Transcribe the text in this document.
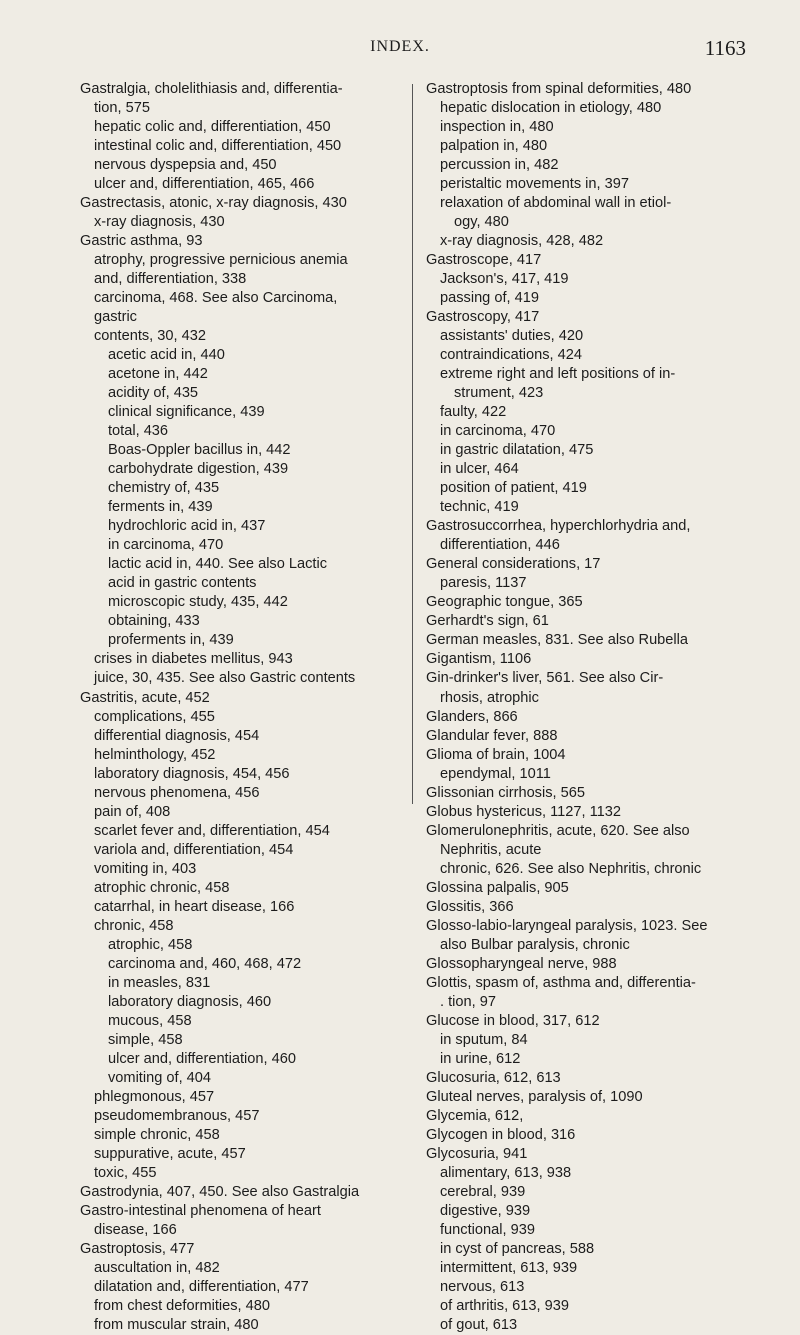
INDEX.	1163
Gastralgia, cholelithiasis and, differentia-
tion, 575
hepatic colic and, differentiation, 450
intestinal colic and, differentiation, 450
nervous dyspepsia and, 450
ulcer and, differentiation, 465, 466
Gastrectasis, atonic, x-ray diagnosis, 430
x-ray diagnosis, 430
Gastric asthma, 93
atrophy, progressive pernicious anemia
and, differentiation, 338
carcinoma, 468. See also Carcinoma,
gastric
contents, 30, 432
acetic acid in, 440
acetone in, 442
acidity of, 435
clinical significance, 439
total, 436
Boas-Oppler bacillus in, 442
carbohydrate digestion, 439
chemistry of, 435
ferments in, 439
hydrochloric acid in, 437
in carcinoma, 470
lactic acid in, 440. See also Lactic
acid in gastric contents
microscopic study, 435, 442
obtaining, 433
proferments in, 439
crises in diabetes mellitus, 943
juice, 30, 435. See also Gastric contents
Gastritis, acute, 452
complications, 455
differential diagnosis, 454
helminthology, 452
laboratory diagnosis, 454, 456
nervous phenomena, 456
pain of, 408
scarlet fever and, differentiation, 454
variola and, differentiation, 454
vomiting in, 403
atrophic chronic, 458
catarrhal, in heart disease, 166
chronic, 458
atrophic, 458
carcinoma and, 460, 468, 472
in measles, 831
laboratory diagnosis, 460
mucous, 458
simple, 458
ulcer and, differentiation, 460
vomiting of, 404
phlegmonous, 457
pseudomembranous, 457
simple chronic, 458
suppurative, acute, 457
toxic, 455
Gastrodynia, 407, 450. See also Gastralgia
Gastro-intestinal phenomena of heart
disease, 166
Gastroptosis, 477
auscultation in, 482
dilatation and, differentiation, 477
from chest deformities, 480
from muscular strain, 480
Gastroptosis from spinal deformities, 480
hepatic dislocation in etiology, 480
inspection in, 480
palpation in, 480
percussion in, 482
peristaltic movements in, 397
relaxation of abdominal wall in etiol-
ogy, 480
x-ray diagnosis, 428, 482
Gastroscope, 417
Jackson's, 417, 419
passing of, 419
Gastroscopy, 417
assistants' duties, 420
contraindications, 424
extreme right and left positions of in-
strument, 423
faulty, 422
in carcinoma, 470
in gastric dilatation, 475
in ulcer, 464
position of patient, 419
technic, 419
Gastrosuccorrhea, hyperchlorhydria and,
differentiation, 446
General considerations, 17
paresis, 1137
Geographic tongue, 365
Gerhardt's sign, 61
German measles, 831. See also Rubella
Gigantism, 1106
Gin-drinker's liver, 561. See also Cir-
rhosis, atrophic
Glanders, 866
Glandular fever, 888
Glioma of brain, 1004
ependymal, 1011
Glissonian cirrhosis, 565
Globus hystericus, 1127, 1132
Glomerulonephritis, acute, 620. See also
Nephritis, acute
chronic, 626. See also Nephritis, chronic
Glossina palpalis, 905
Glossitis, 366
Glosso-labio-laryngeal paralysis, 1023. See
also Bulbar paralysis, chronic
Glossopharyngeal nerve, 988
Glottis, spasm of, asthma and, differentia-
. tion, 97
Glucose in blood, 317, 612
in sputum, 84
in urine, 612
Glucosuria, 612, 613
Gluteal nerves, paralysis of, 1090
Glycemia, 612,
Glycogen in blood, 316
Glycosuria, 941
alimentary, 613, 938
cerebral, 939
digestive, 939
functional, 939
in cyst of pancreas, 588
intermittent, 613, 939
nervous, 613
of arthritis, 613, 939
of gout, 613
